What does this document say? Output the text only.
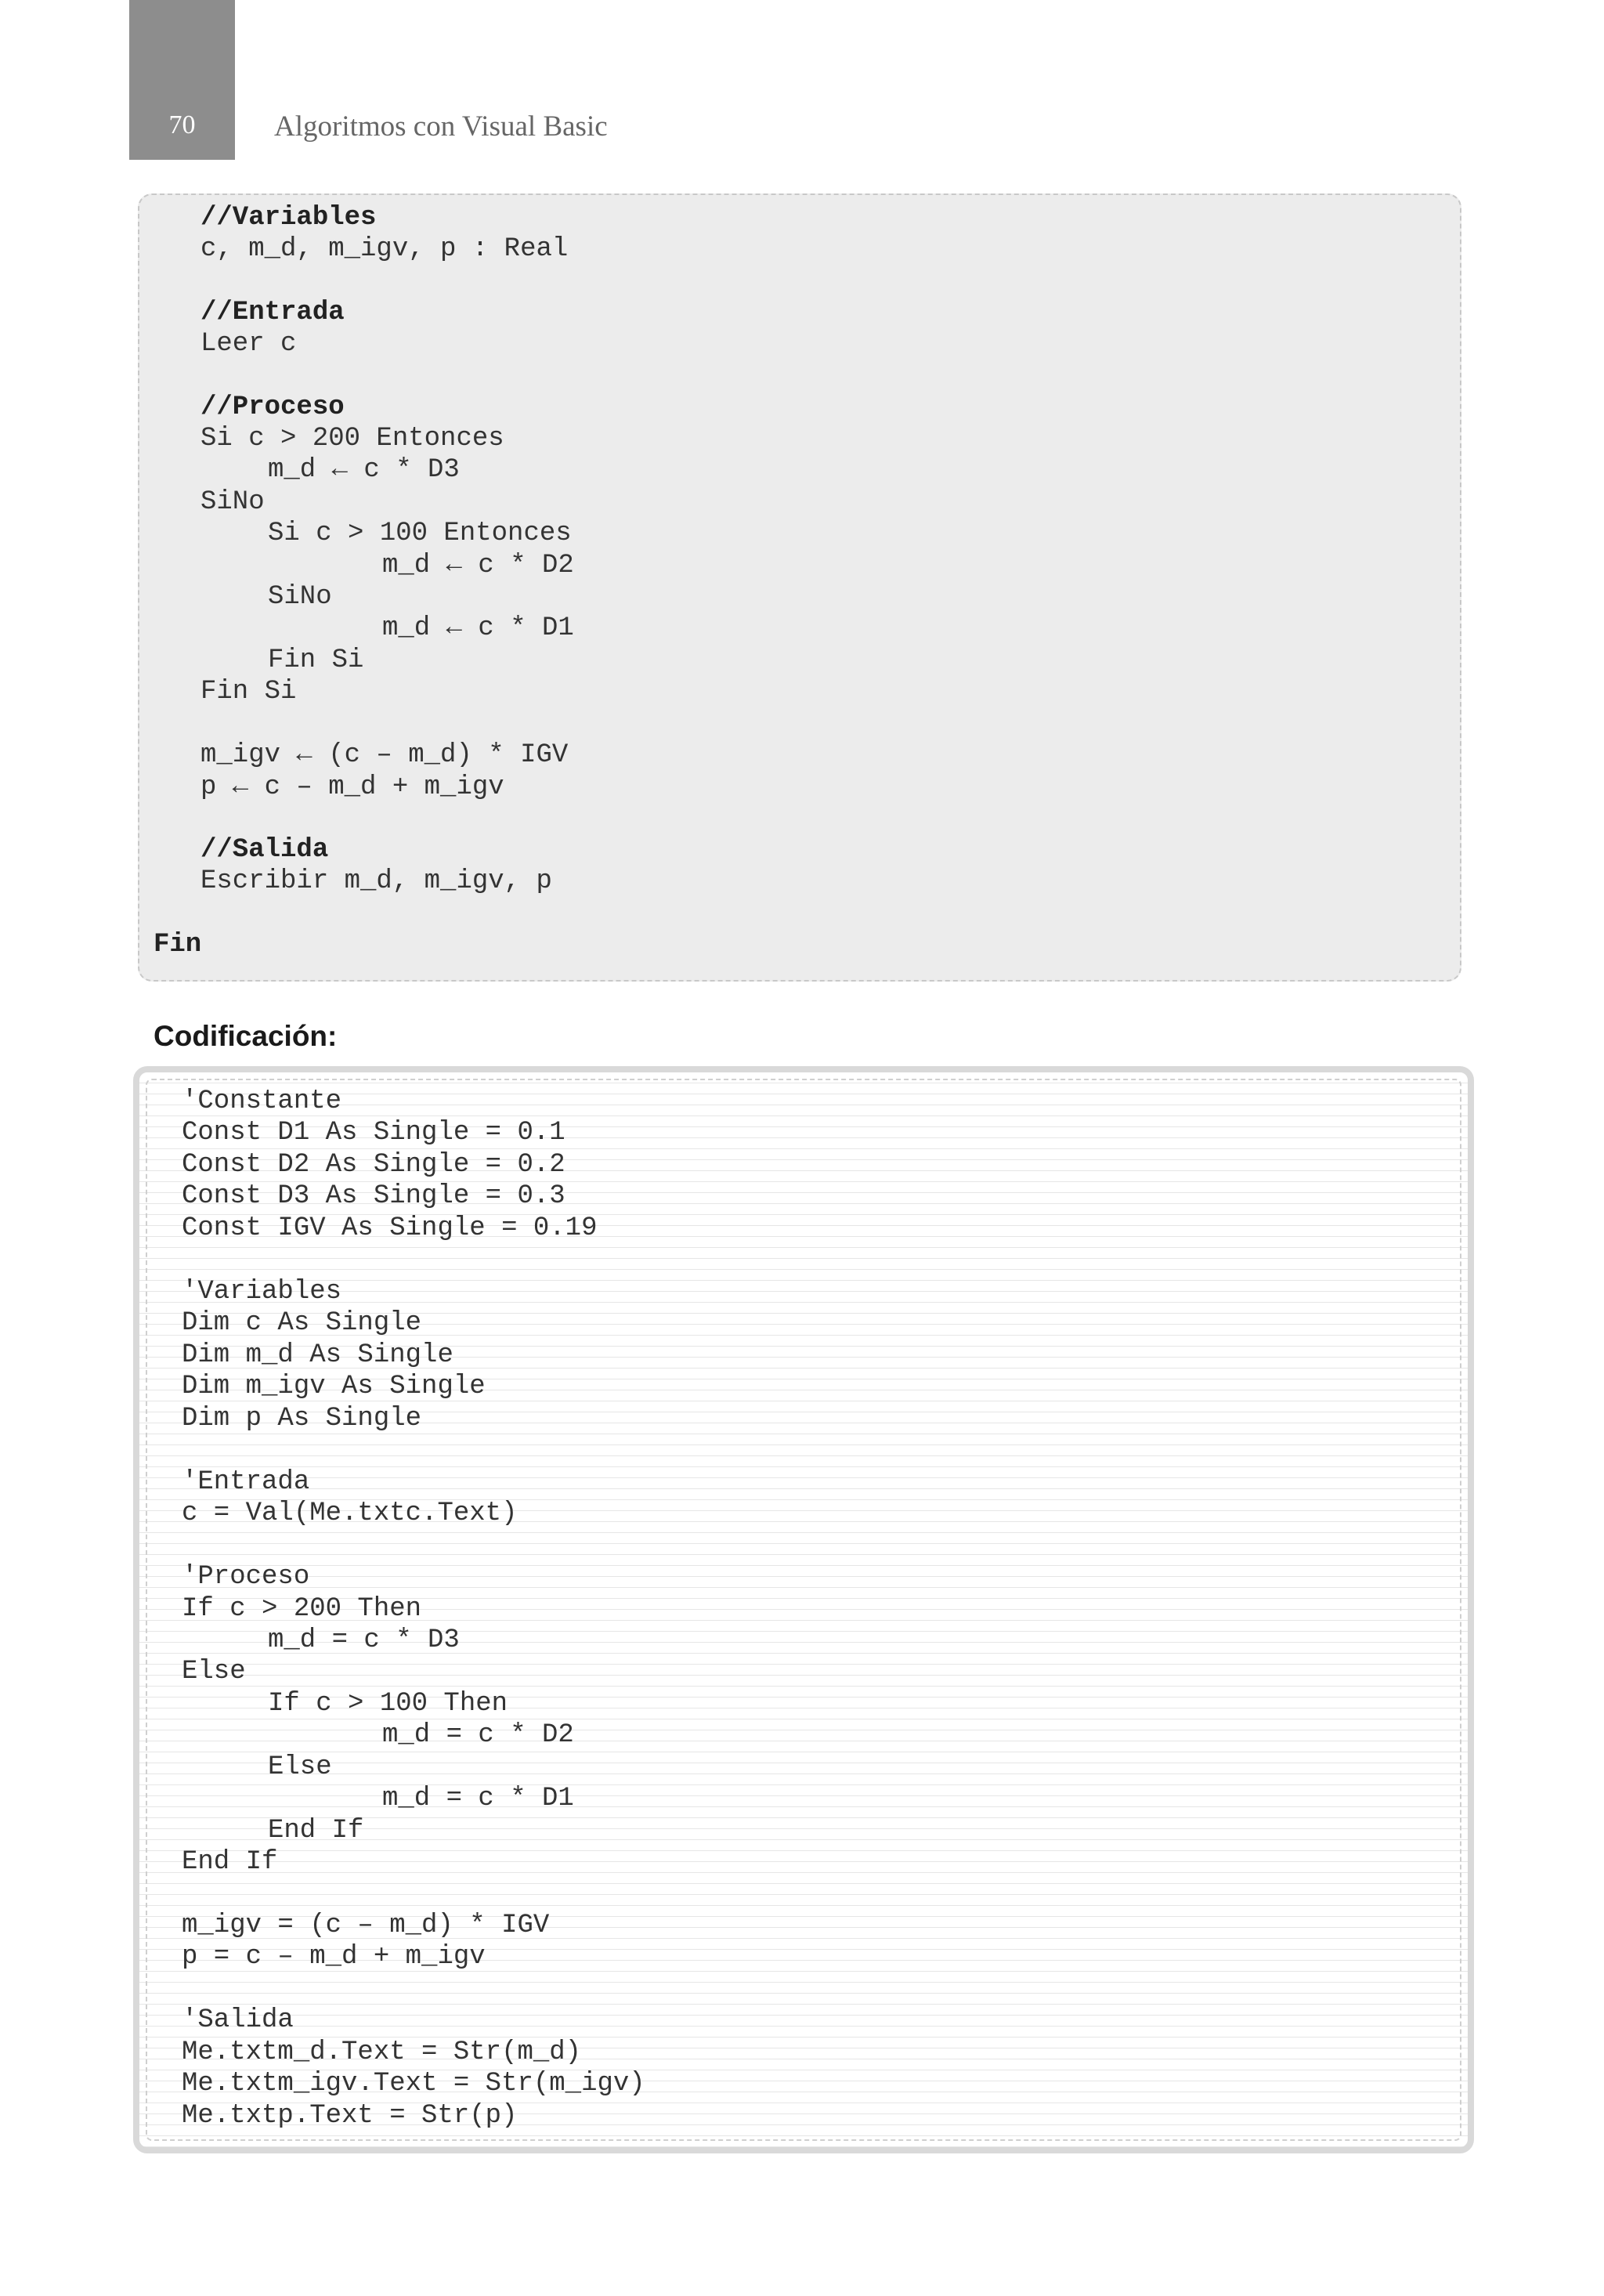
70	Algoritmos con Visual Basic
//Variables
c, m_d, m_igv, p : Real
//Entrada
Leer c
//Proceso
Si c > 200 Entonces
m_d ← c * D3
SiNo
Si c > 100 Entonces
m_d ← c * D2
SiNo
m_d ← c * D1
Fin Si
Fin Si
m_igv ← (c – m_d) * IGV
p ← c – m_d + m_igv
//Salida
Escribir m_d, m_igv, p
Fin
Codificación:
'Constante
Const D1 As Single = 0.1
Const D2 As Single = 0.2
Const D3 As Single = 0.3
Const IGV As Single = 0.19
'Variables
Dim c As Single
Dim m_d As Single
Dim m_igv As Single
Dim p As Single
'Entrada
c = Val(Me.txtc.Text)
'Proceso
If c > 200 Then
m_d = c * D3
Else
If c > 100 Then
m_d = c * D2
Else
m_d = c * D1
End If
End If
m_igv = (c – m_d) * IGV
p = c – m_d + m_igv
'Salida
Me.txtm_d.Text = Str(m_d)
Me.txtm_igv.Text = Str(m_igv)
Me.txtp.Text = Str(p)
